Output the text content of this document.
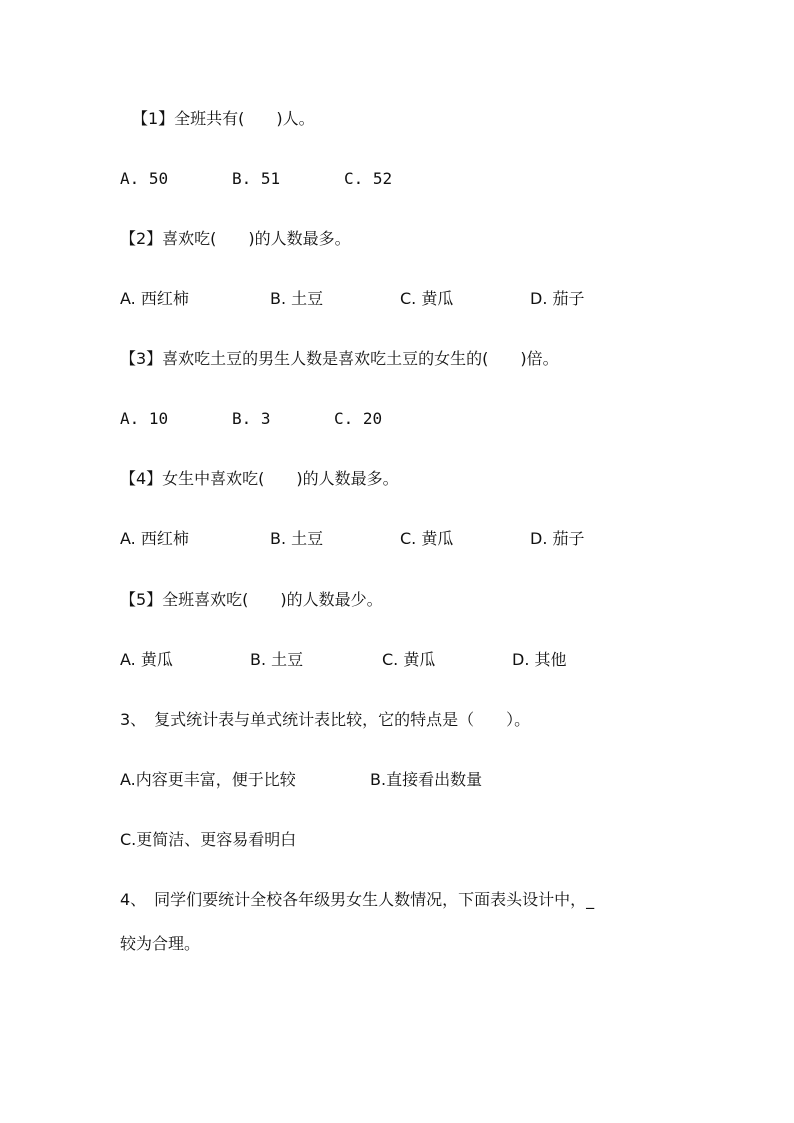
【1】全班共有(　　)人。
A. 50	B. 51	C. 52
【2】喜欢吃(　　)的人数最多。
A. 西红柿	B. 土豆	C. 黄瓜	D. 茄子
【3】喜欢吃土豆的男生人数是喜欢吃土豆的女生的(　　)倍。
A. 10	B. 3	C. 20
【4】女生中喜欢吃(　　)的人数最多。
A. 西红柿	B. 土豆	C. 黄瓜	D. 茄子
【5】全班喜欢吃(　　)的人数最少。
A. 黄瓜	B. 土豆	C. 黄瓜	D. 其他
3、　复式统计表与单式统计表比较，它的特点是（　　）。
A.内容更丰富，便于比较	B.直接看出数量
C.更简洁、更容易看明白
4、　同学们要统计全校各年级男女生人数情况，下面表头设计中，_
较为合理。
